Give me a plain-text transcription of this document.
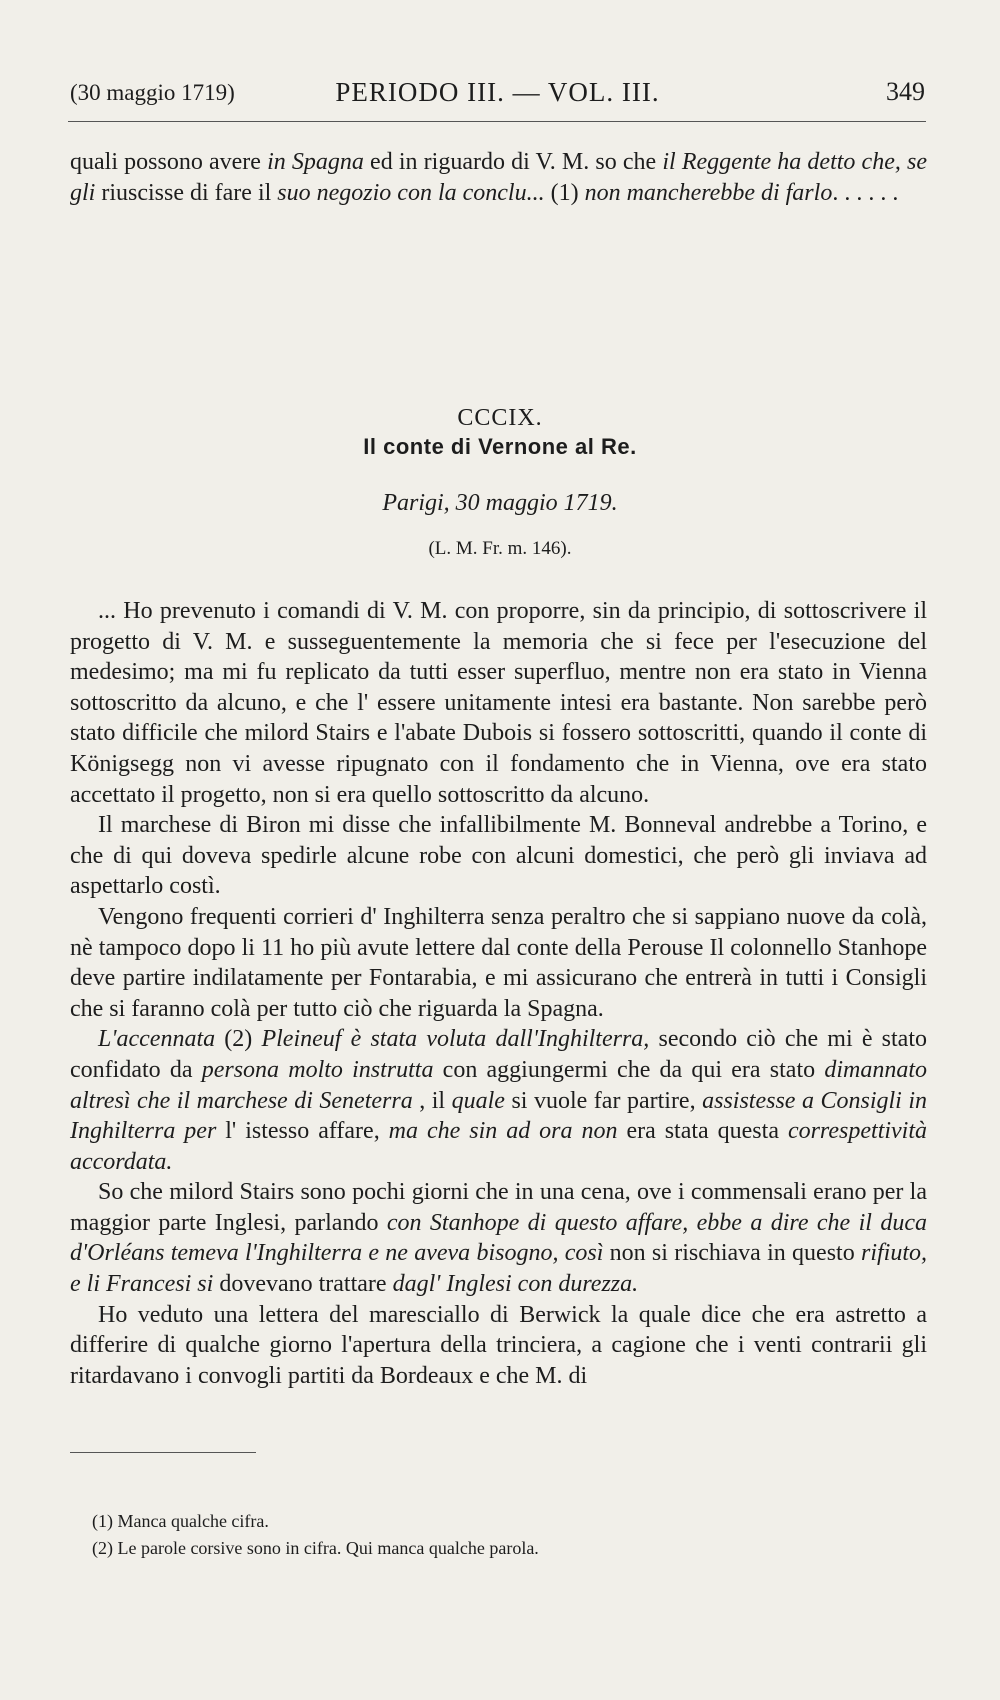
(30 maggio 1719)	PERIODO III. — VOL. III.	349

quali possono avere in Spagna ed in riguardo di V. M. so che il Reggente ha detto che, se gli riuscisse di fare il suo negozio con la conclu... (1) non mancherebbe di farlo. . . . . .

CCCIX.
Il conte di Vernone al Re.
Parigi, 30 maggio 1719.
(L. M. Fr. m. 146).

... Ho prevenuto i comandi di V. M. con proporre, sin da principio, di sottoscrivere il progetto di V. M. e susseguentemente la memoria che si fece per l'esecuzione del medesimo; ma mi fu replicato da tutti esser superfluo, mentre non era stato in Vienna sottoscritto da alcuno, e che l' essere unitamente intesi era bastante. Non sarebbe però stato difficile che milord Stairs e l'abate Dubois si fossero sottoscritti, quando il conte di Königsegg non vi avesse ripugnato con il fondamento che in Vienna, ove era stato accettato il progetto, non si era quello sottoscritto da alcuno.

Il marchese di Biron mi disse che infallibilmente M. Bonneval andrebbe a Torino, e che di qui doveva spedirle alcune robe con alcuni domestici, che però gli inviava ad aspettarlo costì.

Vengono frequenti corrieri d' Inghilterra senza peraltro che si sappiano nuove da colà, nè tampoco dopo li 11 ho più avute lettere dal conte della Perouse Il colonnello Stanhope deve partire indilatamente per Fontarabia, e mi assicurano che entrerà in tutti i Consigli che si faranno colà per tutto ciò che riguarda la Spagna.

L'accennata (2) Pleineuf è stata voluta dall'Inghilterra, secondo ciò che mi è stato confidato da persona molto instrutta con aggiungermi che da qui era stato dimannato altresì che il marchese di Seneterra , il quale si vuole far partire, assistesse a Consigli in Inghilterra per l' istesso affare, ma che sin ad ora non era stata questa correspettività accordata.

So che milord Stairs sono pochi giorni che in una cena, ove i commensali erano per la maggior parte Inglesi, parlando con Stanhope di questo affare, ebbe a dire che il duca d'Orléans temeva l'Inghilterra e ne aveva bisogno, così non si rischiava in questo rifiuto, e li Francesi si dovevano trattare dagl' Inglesi con durezza.

Ho veduto una lettera del maresciallo di Berwick la quale dice che era astretto a differire di qualche giorno l'apertura della trinciera, a cagione che i venti contrarii gli ritardavano i convogli partiti da Bordeaux e che M. di

(1) Manca qualche cifra.
(2) Le parole corsive sono in cifra. Qui manca qualche parola.
